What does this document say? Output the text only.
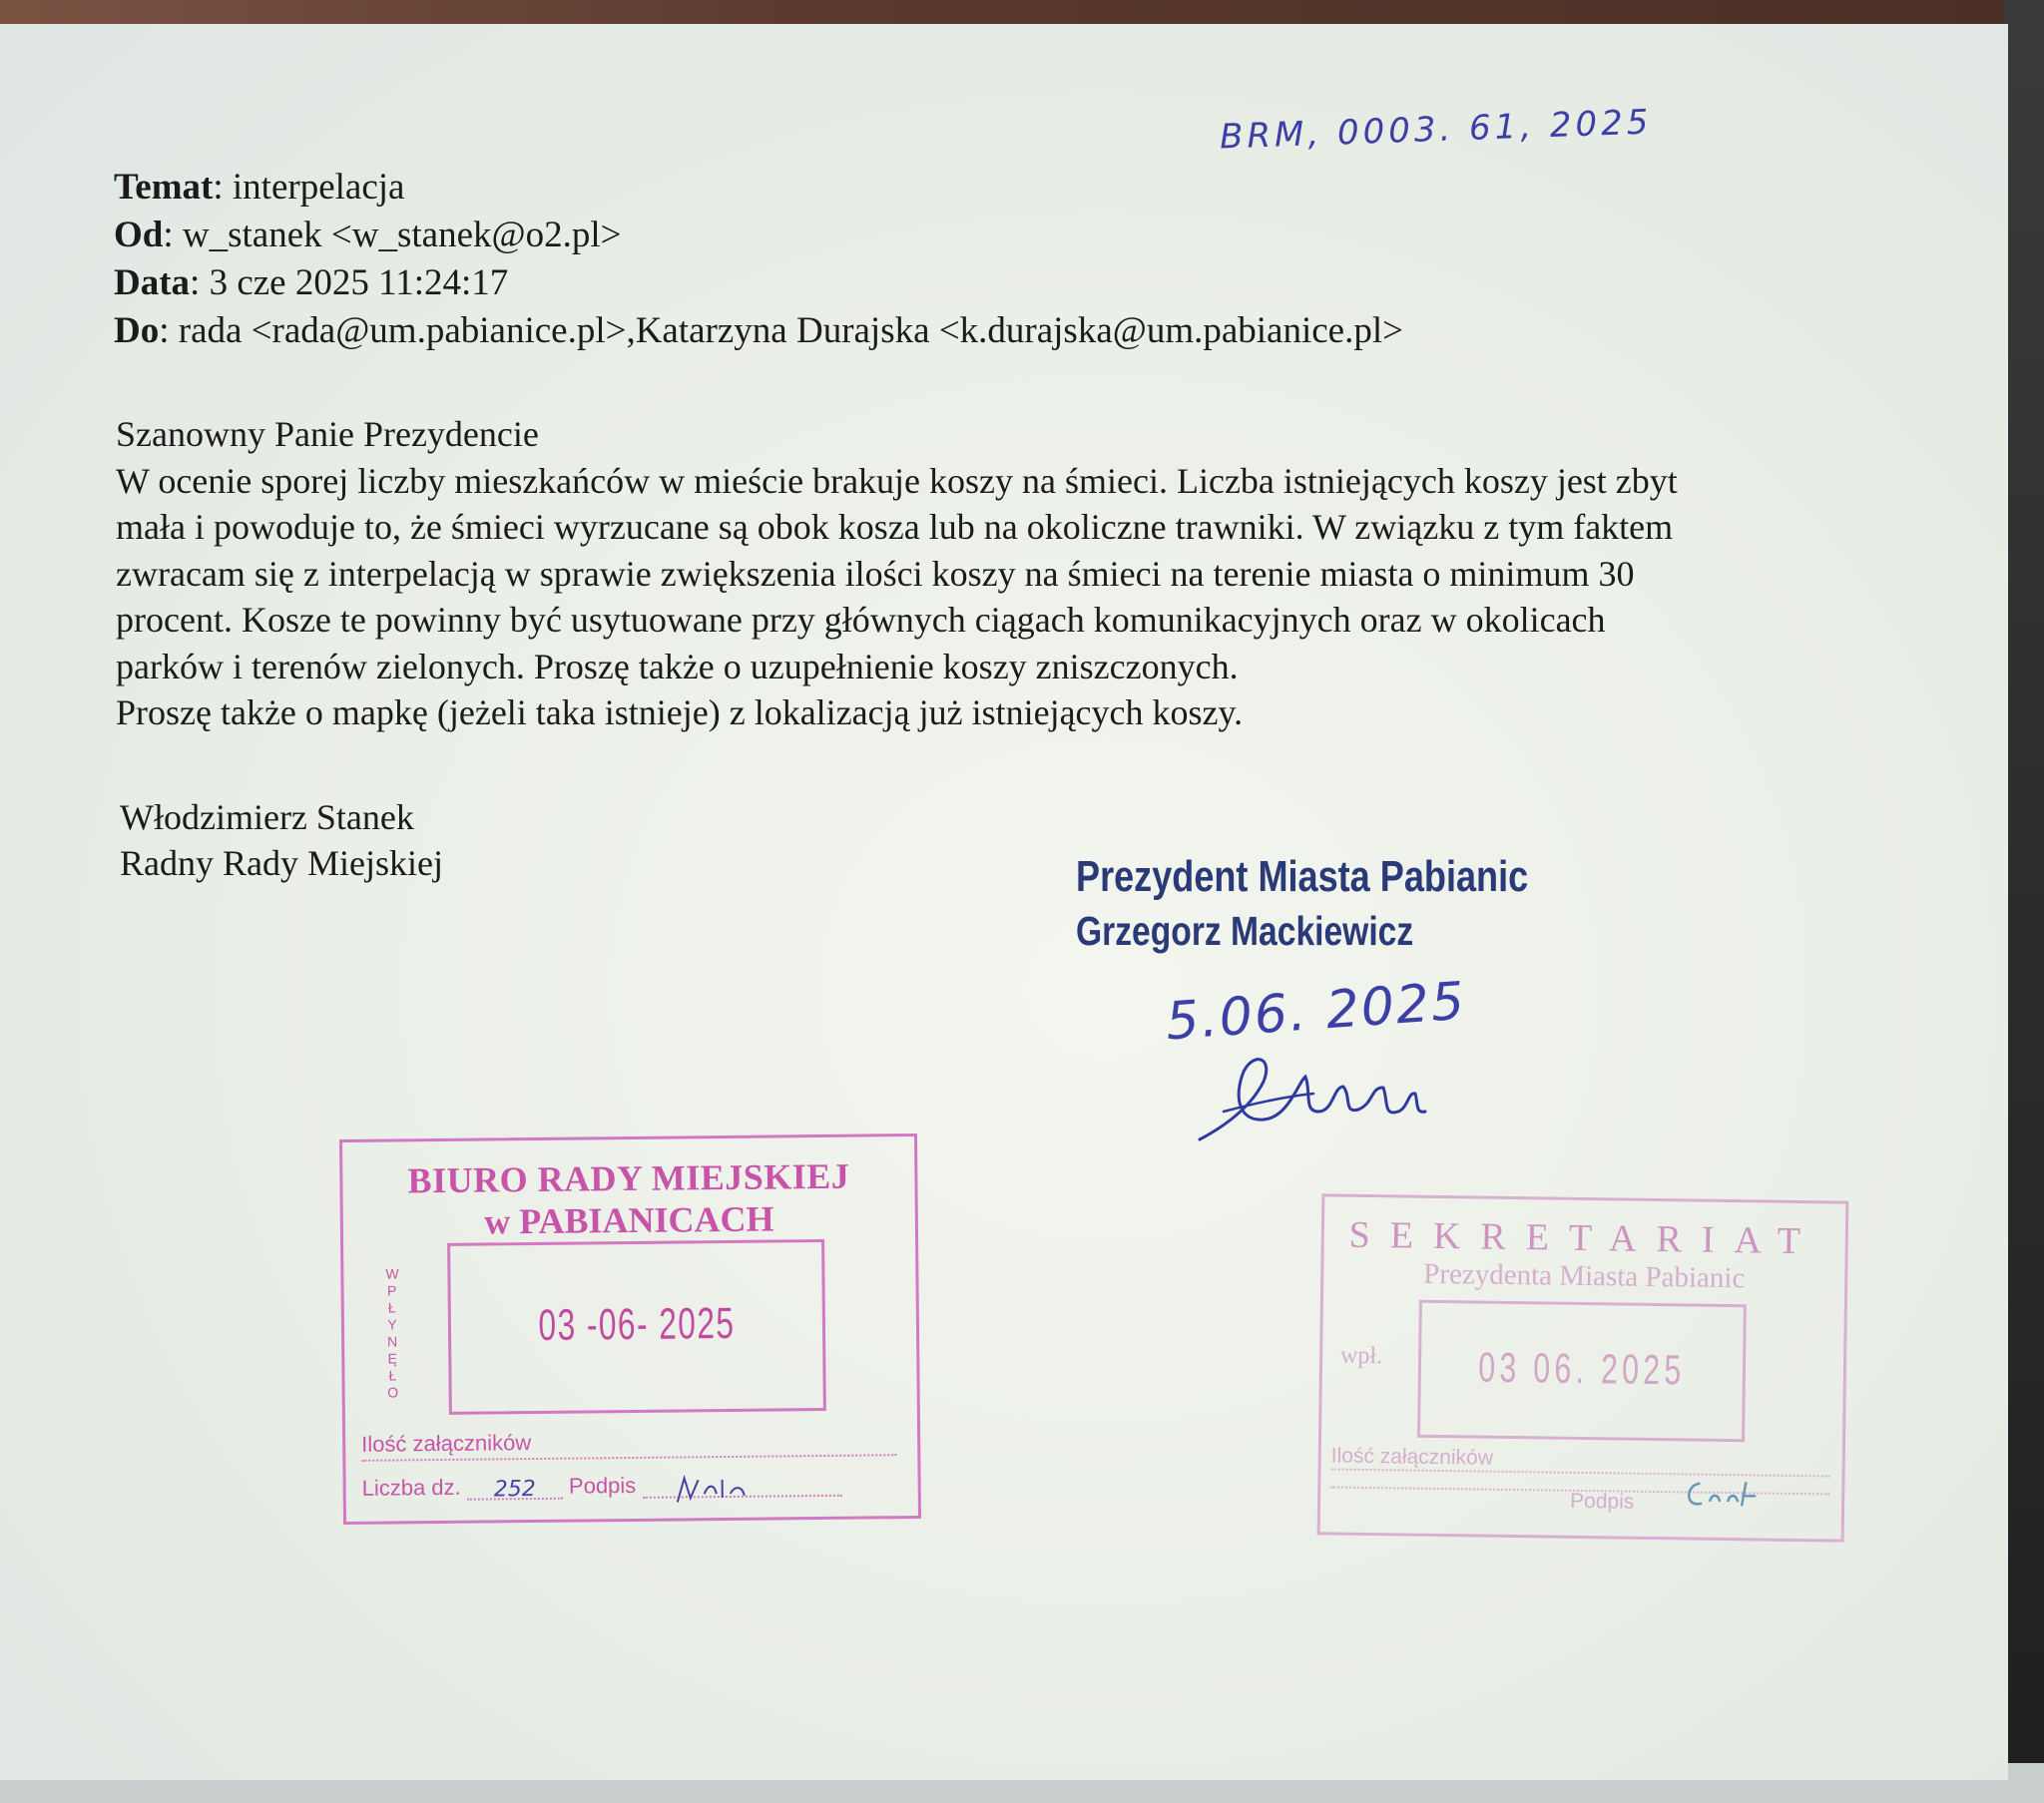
BRM, 0003. 61, 2025
Temat: interpelacja
Od: w_stanek <w_stanek@o2.pl>
Data: 3 cze 2025 11:24:17
Do: rada <rada@um.pabianice.pl>,Katarzyna Durajska <k.durajska@um.pabianice.pl>

Szanowny Panie Prezydencie

W ocenie sporej liczby mieszkańców w mieście brakuje koszy na śmieci. Liczba istniejących koszy jest zbyt

mała i powoduje to, że śmieci wyrzucane są obok kosza lub na okoliczne trawniki. W związku z tym faktem

zwracam się z interpelacją w sprawie zwiększenia ilości koszy na śmieci na terenie miasta o minimum 30

procent. Kosze te powinny być usytuowane przy głównych ciągach komunikacyjnych oraz w okolicach

parków i terenów zielonych. Proszę także o uzupełnienie koszy zniszczonych.

Proszę także o mapkę (jeżeli taka istnieje) z lokalizacją już istniejących koszy.

Włodzimierz Stanek
Radny Rady Miejskiej	Prezydent Miasta Pabianic
Grzegorz Mackiewicz
5.06. 2025
BIURO RADY MIEJSKIEJ
w PABIANICACH
WPŁYNĘŁO
03 -06- 2025
Ilość załączników
Liczba dz. 252 Podpis
SEKRETARIAT
Prezydenta Miasta Pabianic
wpł. 03 06. 2025
Ilość załączników
Podpis
